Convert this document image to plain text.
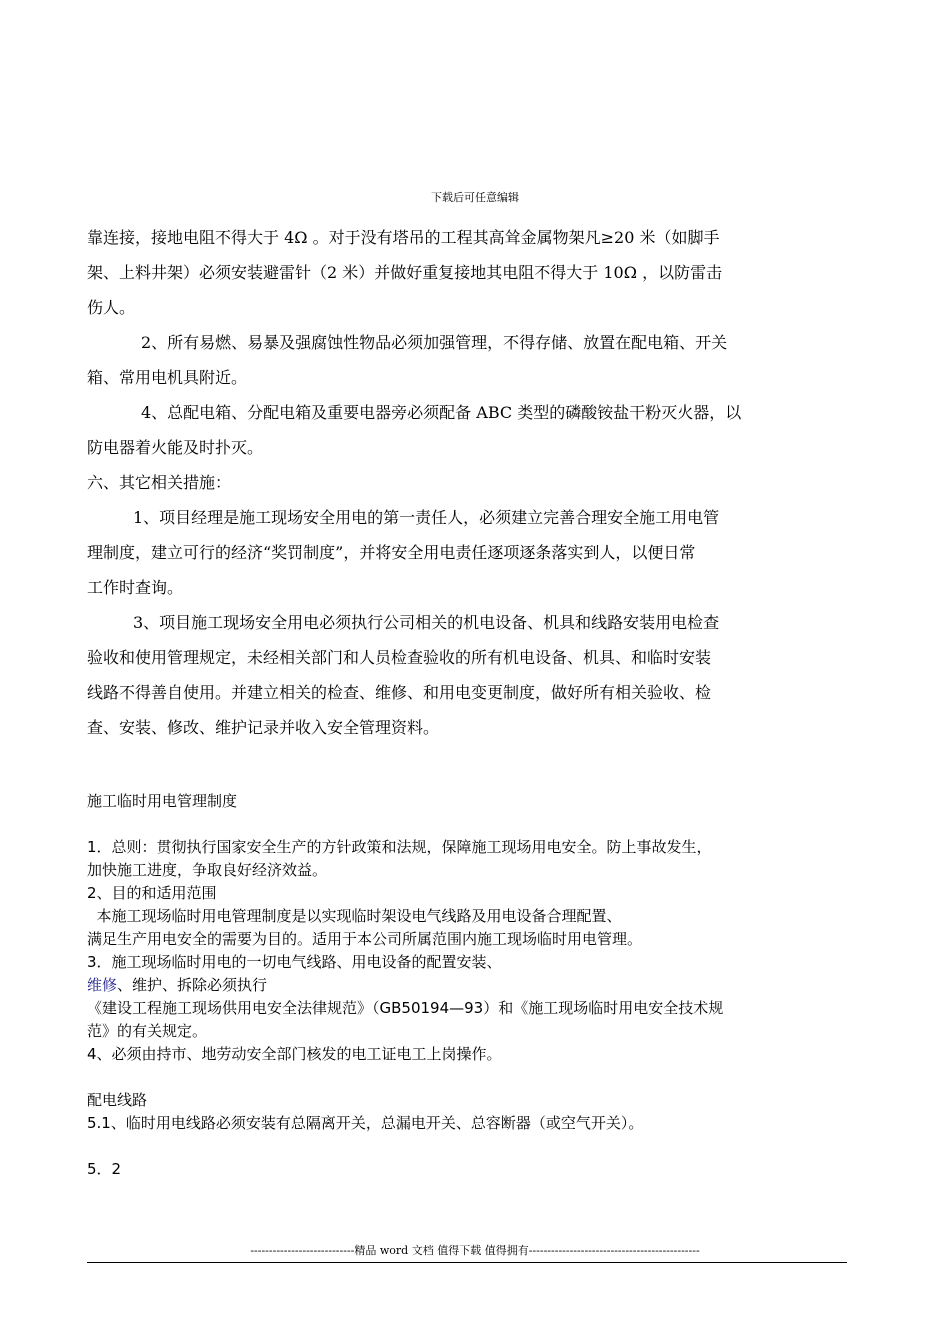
下载后可任意编辑

靠连接，接地电阻不得大于 4Ω 。对于没有塔吊的工程其高耸金属物架凡≥20 米（如脚手

架、上料井架）必须安装避雷针（2 米）并做好重复接地其电阻不得大于 10Ω ，以防雷击

伤人。

2、所有易燃、易暴及强腐蚀性物品必须加强管理，不得存储、放置在配电箱、开关

箱、常用电机具附近。

4、总配电箱、分配电箱及重要电器旁必须配备 ABC 类型的磷酸铵盐干粉灭火器，以

防电器着火能及时扑灭。

六、其它相关措施：

1、项目经理是施工现场安全用电的第一责任人，必须建立完善合理安全施工用电管

理制度，建立可行的经济“奖罚制度”，并将安全用电责任逐项逐条落实到人，以便日常

工作时查询。

3、项目施工现场安全用电必须执行公司相关的机电设备、机具和线路安装用电检查

验收和使用管理规定，未经相关部门和人员检查验收的所有机电设备、机具、和临时安装

线路不得善自使用。并建立相关的检查、维修、和用电变更制度，做好所有相关验收、检

查、安装、修改、维护记录并收入安全管理资料。

施工临时用电管理制度

1．总则：贯彻执行国家安全生产的方针政策和法规，保障施工现场用电安全。防上事故发生，

加快施工进度，争取良好经济效益。

2、目的和适用范围

本施工现场临时用电管理制度是以实现临时架设电气线路及用电设备合理配置、

满足生产用电安全的需要为目的。适用于本公司所属范围内施工现场临时用电管理。

3．施工现场临时用电的一切电气线路、用电设备的配置安装、

维修、维护、拆除必须执行

《建设工程施工现场供用电安全法律规范》（GB50194—93）和《施工现场临时用电安全技术规

范》的有关规定。

4、必须由持市、地劳动安全部门核发的电工证电工上岗操作。

配电线路

5.1、临时用电线路必须安装有总隔离开关，总漏电开关、总容断器（或空气开关）。

5．2

----------------------------精品 word 文档 值得下载 值得拥有----------------------------------------------
